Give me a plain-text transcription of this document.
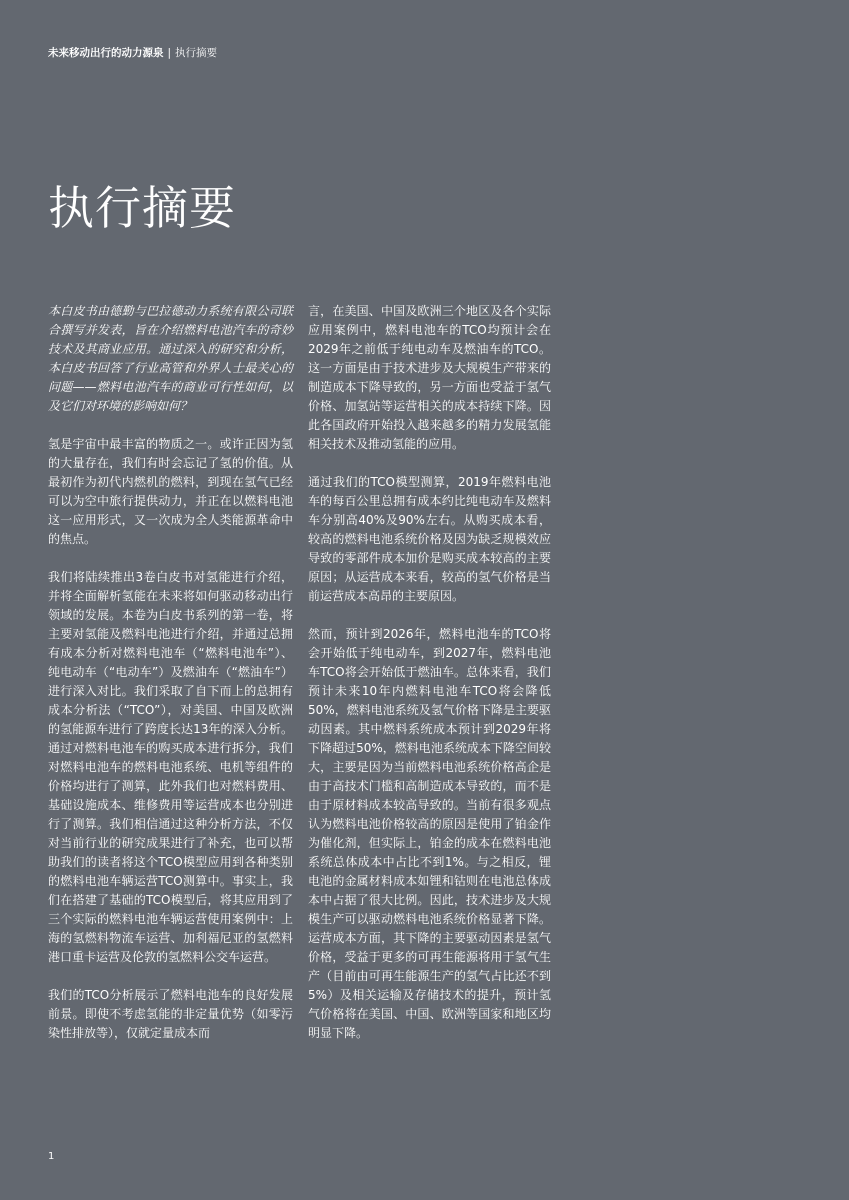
未来移动出行的动力源泉 | 执行摘要
执行摘要

本白皮书由德勤与巴拉德动力系统有限公司联合撰写并发表，旨在介绍燃料电池汽车的奇妙技术及其商业应用。通过深入的研究和分析，本白皮书回答了行业高管和外界人士最关心的问题——燃料电池汽车的商业可行性如何，以及它们对环境的影响如何？

氢是宇宙中最丰富的物质之一。或许正因为氢的大量存在，我们有时会忘记了氢的价值。从最初作为初代内燃机的燃料，到现在氢气已经可以为空中旅行提供动力，并正在以燃料电池这一应用形式，又一次成为全人类能源革命中的焦点。

我们将陆续推出3卷白皮书对氢能进行介绍，并将全面解析氢能在未来将如何驱动移动出行领域的发展。本卷为白皮书系列的第一卷，将主要对氢能及燃料电池进行介绍，并通过总拥有成本分析对燃料电池车（“燃料电池车”）、纯电动车（“电动车”）及燃油车（“燃油车”）进行深入对比。我们采取了自下而上的总拥有成本分析法（“TCO”），对美国、中国及欧洲的氢能源车进行了跨度长达13年的深入分析。通过对燃料电池车的购买成本进行拆分，我们对燃料电池车的燃料电池系统、电机等组件的价格均进行了测算，此外我们也对燃料费用、基础设施成本、维修费用等运营成本也分别进行了测算。我们相信通过这种分析方法，不仅对当前行业的研究成果进行了补充，也可以帮助我们的读者将这个TCO模型应用到各种类别的燃料电池车辆运营TCO测算中。事实上，我们在搭建了基础的TCO模型后，将其应用到了三个实际的燃料电池车辆运营使用案例中：上海的氢燃料物流车运营、加利福尼亚的氢燃料港口重卡运营及伦敦的氢燃料公交车运营。

我们的TCO分析展示了燃料电池车的良好发展前景。即使不考虑氢能的非定量优势（如零污染性排放等），仅就定量成本而

言，在美国、中国及欧洲三个地区及各个实际应用案例中，燃料电池车的TCO均预计会在2029年之前低于纯电动车及燃油车的TCO。这一方面是由于技术进步及大规模生产带来的制造成本下降导致的，另一方面也受益于氢气价格、加氢站等运营相关的成本持续下降。因此各国政府开始投入越来越多的精力发展氢能相关技术及推动氢能的应用。

通过我们的TCO模型测算，2019年燃料电池车的每百公里总拥有成本约比纯电动车及燃料车分别高40%及90%左右。从购买成本看，较高的燃料电池系统价格及因为缺乏规模效应导致的零部件成本加价是购买成本较高的主要原因；从运营成本来看，较高的氢气价格是当前运营成本高昂的主要原因。

然而，预计到2026年，燃料电池车的TCO将会开始低于纯电动车，到2027年，燃料电池车TCO将会开始低于燃油车。总体来看，我们预计未来10年内燃料电池车TCO将会降低50%，燃料电池系统及氢气价格下降是主要驱动因素。其中燃料系统成本预计到2029年将下降超过50%，燃料电池系统成本下降空间较大，主要是因为当前燃料电池系统价格高企是由于高技术门槛和高制造成本导致的，而不是由于原材料成本较高导致的。当前有很多观点认为燃料电池价格较高的原因是使用了铂金作为催化剂，但实际上，铂金的成本在燃料电池系统总体成本中占比不到1%。与之相反，锂电池的金属材料成本如锂和钴则在电池总体成本中占据了很大比例。因此，技术进步及大规模生产可以驱动燃料电池系统价格显著下降。运营成本方面，其下降的主要驱动因素是氢气价格，受益于更多的可再生能源将用于氢气生产（目前由可再生能源生产的氢气占比还不到5%）及相关运输及存储技术的提升，预计氢气价格将在美国、中国、欧洲等国家和地区均明显下降。

1
